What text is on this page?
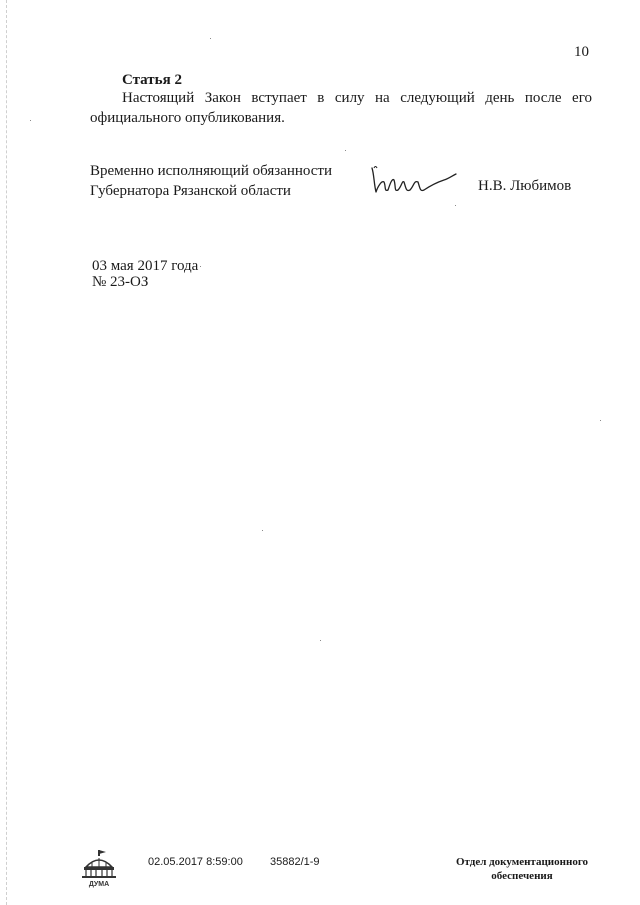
10
Статья 2

Настоящий Закон вступает в силу на следующий день после его официального опубликования.

Временно исполняющий обязанности
Губернатора Рязанской области	Н.В. Любимов
03 мая 2017 года
№ 23-ОЗ
ДУМА
02.05.2017 8:59:00 35882/1-9	Отдел документационного
обеспечения
